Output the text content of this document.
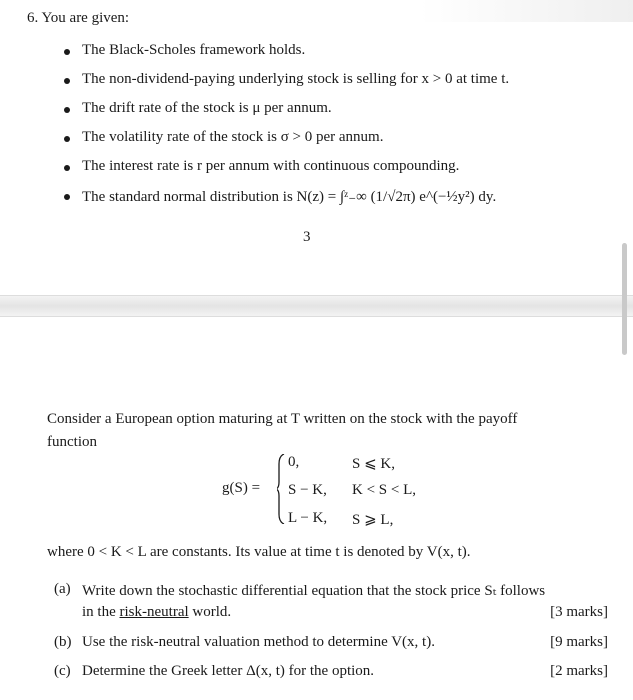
6. You are given:
The Black-Scholes framework holds.
The non-dividend-paying underlying stock is selling for x > 0 at time t.
The drift rate of the stock is μ per annum.
The volatility rate of the stock is σ > 0 per annum.
The interest rate is r per annum with continuous compounding.
The standard normal distribution is N(z) = ∫ᶻ₋∞ (1/√2π) e^(−½y²) dy.
3
Consider a European option maturing at T written on the stock with the payoff
function
g(S) =
0,	S ⩽ K,
S − K, K < S < L,
L − K, S ⩾ L,
where 0 < K < L are constants. Its value at time t is denoted by V(x, t).
(a) Write down the stochastic differential equation that the stock price Sₜ follows
in the risk-neutral world.	[3 marks]
(b) Use the risk-neutral valuation method to determine V(x, t).	[9 marks]
(c) Determine the Greek letter Δ(x, t) for the option.	[2 marks]
